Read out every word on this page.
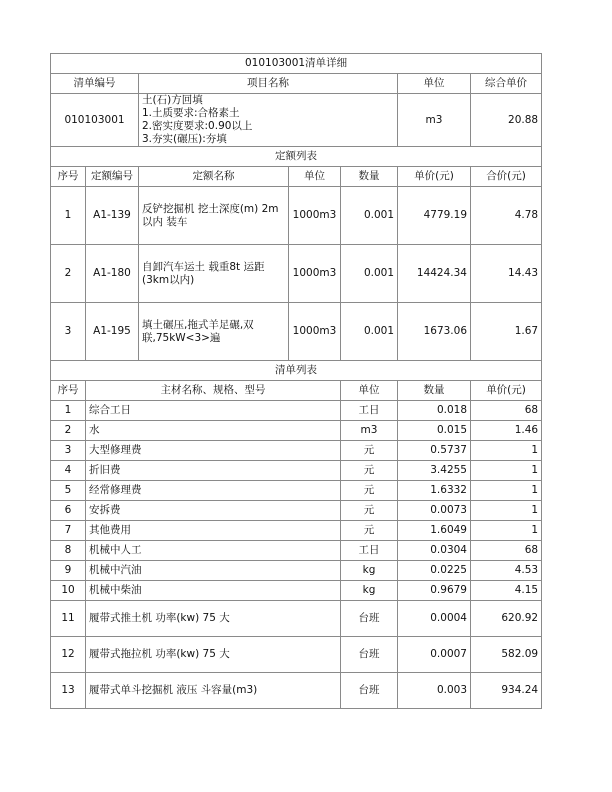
010103001清单详细							
清单编号		项目名称			单位	综合单价	
010103001		土(石)方回填
1.土质要求:合格素土
2.密实度要求:0.90以上
3.夯实(碾压):夯填			m3	20.88	
定额列表							
序号	定额编号	定额名称	单位	数量	单价(元)	合价(元)	
1	A1-139	反铲挖掘机 挖土深度(m) 2m以内 装车	1000m3	0.001	4779.19	4.78	
2	A1-180	自卸汽车运土 载重8t 运距(3km以内)	1000m3	0.001	14424.34	14.43	
3	A1-195	填土碾压,拖式羊足碾,双联,75kW<3>遍	1000m3	0.001	1673.06	1.67	
清单列表							
序号	主材名称、规格、型号			单位	数量	单价(元)	
1	综合工日			工日	0.018	68	
2	水			m3	0.015	1.46	
3	大型修理费			元	0.5737	1	
4	折旧费			元	3.4255	1	
5	经常修理费			元	1.6332	1	
6	安拆费			元	0.0073	1	
7	其他费用			元	1.6049	1	
8	机械中人工			工日	0.0304	68	
9	机械中汽油			kg	0.0225	4.53	
10	机械中柴油			kg	0.9679	4.15	
11	履带式推土机 功率(kw) 75 大			台班	0.0004	620.92	
12	履带式拖拉机 功率(kw) 75 大			台班	0.0007	582.09	
13	履带式单斗挖掘机 液压 斗容量(m3)			台班	0.003	934.24	
